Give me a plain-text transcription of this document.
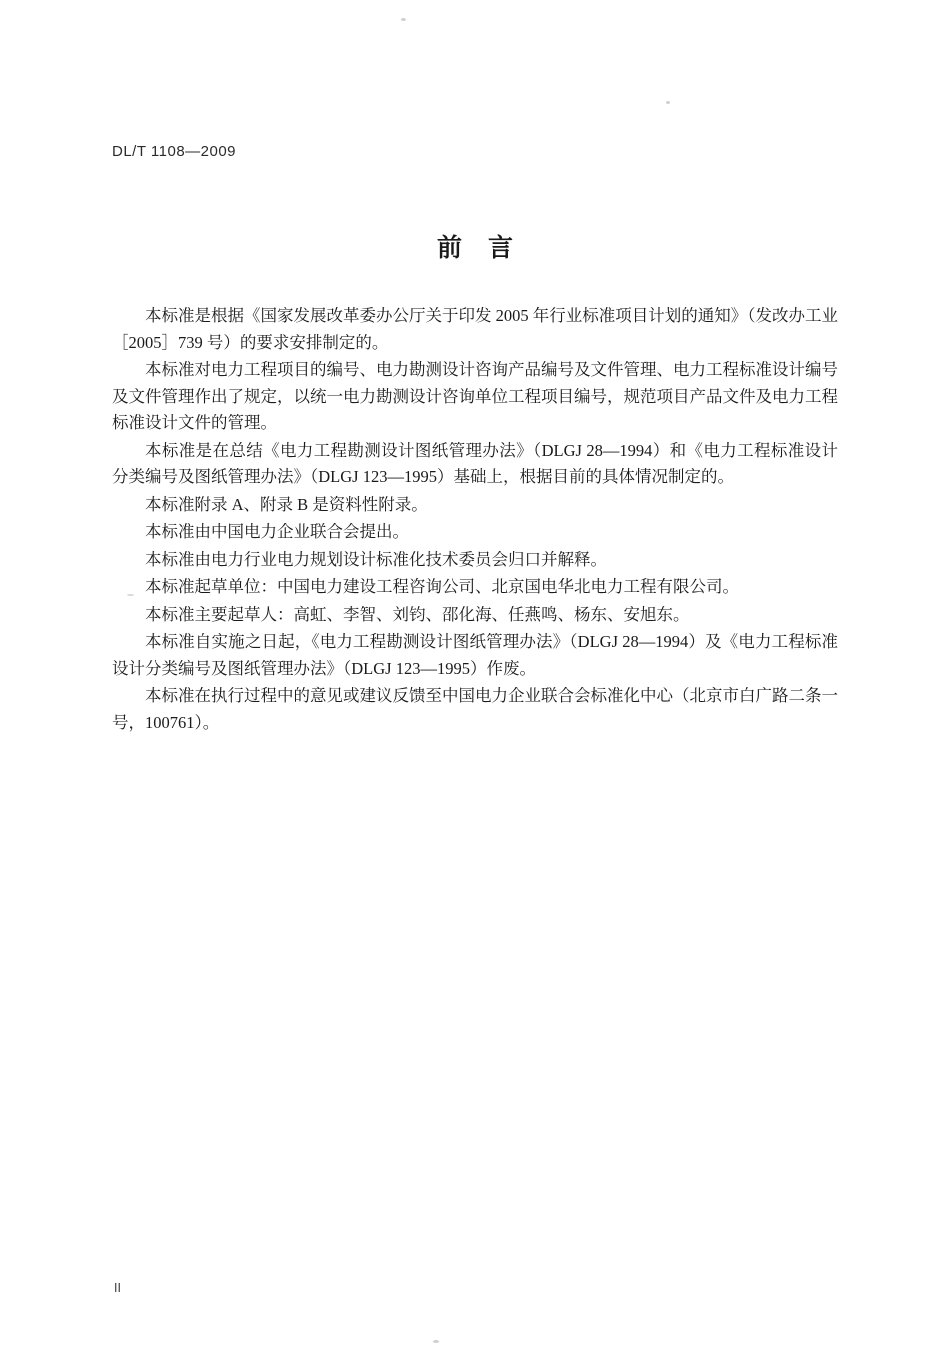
DL/T 1108—2009
前言

本标准是根据《国家发展改革委办公厅关于印发 2005 年行业标准项目计划的通知》（发改办工业［2005］739 号）的要求安排制定的。

本标准对电力工程项目的编号、电力勘测设计咨询产品编号及文件管理、电力工程标准设计编号及文件管理作出了规定，以统一电力勘测设计咨询单位工程项目编号，规范项目产品文件及电力工程标准设计文件的管理。

本标准是在总结《电力工程勘测设计图纸管理办法》（DLGJ 28—1994）和《电力工程标准设计分类编号及图纸管理办法》（DLGJ 123—1995）基础上，根据目前的具体情况制定的。

本标准附录 A、附录 B 是资料性附录。

本标准由中国电力企业联合会提出。

本标准由电力行业电力规划设计标准化技术委员会归口并解释。

本标准起草单位：中国电力建设工程咨询公司、北京国电华北电力工程有限公司。

本标准主要起草人：高虹、李智、刘钧、邵化海、任燕鸣、杨东、安旭东。

本标准自实施之日起，《电力工程勘测设计图纸管理办法》（DLGJ 28—1994）及《电力工程标准设计分类编号及图纸管理办法》（DLGJ 123—1995）作废。

本标准在执行过程中的意见或建议反馈至中国电力企业联合会标准化中心（北京市白广路二条一号，100761）。

II
